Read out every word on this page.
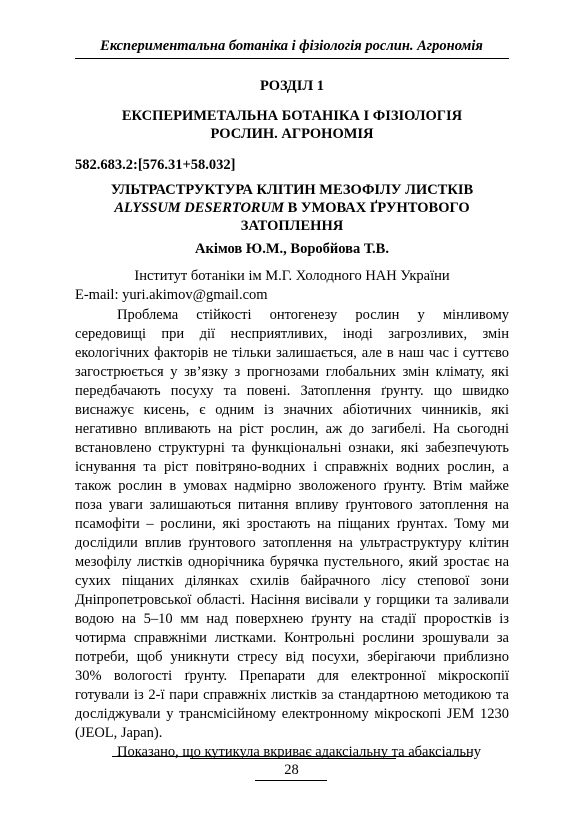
Експериментальна ботаніка і фізіологія рослин. Агрономія
РОЗДІЛ 1
ЕКСПЕРИМЕТАЛЬНА БОТАНІКА І ФІЗІОЛОГІЯ
РОСЛИН. АГРОНОМІЯ
582.683.2:[576.31+58.032]
УЛЬТРАСТРУКТУРА КЛІТИН МЕЗОФІЛУ ЛИСТКІВ
ALYSSUM DESERTORUM В УМОВАХ ҐРУНТОВОГО
ЗАТОПЛЕННЯ
Акімов Ю.М., Воробйова Т.В.
Інститут ботаніки ім М.Г. Холодного НАН України
E-mail: yuri.akimov@gmail.com

Проблема стійкості онтогенезу рослин у мінливому середовищі при дії несприятливих, іноді загрозливих, змін екологічних факторів не тільки залишається, але в наш час і суттєво загострюється у зв’язку з прогнозами глобальних змін клімату, які передбачають посуху та повені. Затоплення ґрунту. що швидко виснажує кисень, є одним із значних абіотичних чинників, які негативно впливають на ріст рослин, аж до загибелі. На сьогодні встановлено структурні та функціональні ознаки, які забезпечують існування та ріст повітряно-водних і справжніх водних рослин, а також рослин в умовах надмірно зволоженого ґрунту. Втім майже поза уваги залишаються питання впливу ґрунтового затоплення на псамофіти – рослини, які зростають на піщаних ґрунтах. Тому ми дослідили вплив ґрунтового затоплення на ультраструктуру клітин мезофілу листків однорічника бурячка пустельного, який зростає на сухих піщаних ділянках схилів байрачного лісу степової зони Дніпропетровської області. Насіння висівали у горщики та заливали водою на 5–10 мм над поверхнею ґрунту на стадії проростків із чотирма справжніми листками. Контрольні рослини зрошували за потреби, щоб уникнути стресу від посухи, зберігаючи приблизно 30% вологості ґрунту. Препарати для електронної мікроскопії готували із 2-ї пари справжніх листків за стандартною методикою та досліджували у трансмісійному електронному мікроскопі JEM 1230 (JEOL, Japan).

Показано, що кутикула вкриває адаксіальну та абаксіальну

28
